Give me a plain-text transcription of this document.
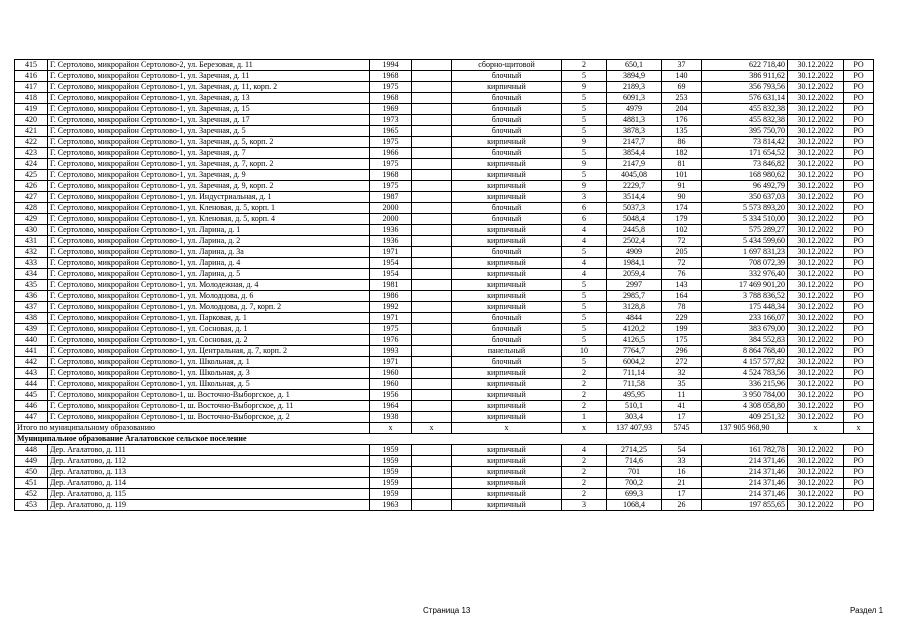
415	Г. Сертолово, микрорайон Сертолово-2, ул. Березовая, д. 11	1994		сборно-щитовой	2	650,1	37	622 718,40	30.12.2022	РО
416	Г. Сертолово, микрорайон Сертолово-1, ул. Заречная, д. 11	1968		блочный	5	3894,9	140	386 911,62	30.12.2022	РО
417	Г. Сертолово, микрорайон Сертолово-1, ул. Заречная, д. 11, корп. 2	1975		кирпичный	9	2189,3	69	356 793,56	30.12.2022	РО
418	Г. Сертолово, микрорайон Сертолово-1, ул. Заречная, д. 13	1968		блочный	5	6091,3	253	576 631,14	30.12.2022	РО
419	Г. Сертолово, микрорайон Сертолово-1, ул. Заречная, д. 15	1969		блочный	5	4979	204	455 832,38	30.12.2022	РО
420	Г. Сертолово, микрорайон Сертолово-1, ул. Заречная, д. 17	1973		блочный	5	4881,3	176	455 832,38	30.12.2022	РО
421	Г. Сертолово, микрорайон Сертолово-1, ул. Заречная, д. 5	1965		блочный	5	3878,3	135	395 750,70	30.12.2022	РО
422	Г. Сертолово, микрорайон Сертолово-1, ул. Заречная, д. 5, корп. 2	1975		кирпичный	9	2147,7	86	73 814,42	30.12.2022	РО
423	Г. Сертолово, микрорайон Сертолово-1, ул. Заречная, д. 7	1966		блочный	5	3854,4	182	171 654,52	30.12.2022	РО
424	Г. Сертолово, микрорайон Сертолово-1, ул. Заречная, д. 7, корп. 2	1975		кирпичный	9	2147,9	81	73 846,82	30.12.2022	РО
425	Г. Сертолово, микрорайон Сертолово-1, ул. Заречная, д. 9	1968		кирпичный	5	4045,08	101	168 980,62	30.12.2022	РО
426	Г. Сертолово, микрорайон Сертолово-1, ул. Заречная, д. 9, корп. 2	1975		кирпичный	9	2229,7	91	96 492,79	30.12.2022	РО
427	Г. Сертолово, микрорайон Сертолово-1, ул. Индустриальная, д. 1	1987		кирпичный	3	3514,4	90	350 637,03	30.12.2022	РО
428	Г. Сертолово, микрорайон Сертолово-1, ул. Кленовая, д. 5, корп. 1	2000		блочный	6	5037,3	174	5 573 893,20	30.12.2022	РО
429	Г. Сертолово, микрорайон Сертолово-1, ул. Кленовая, д. 5, корп. 4	2000		блочный	6	5048,4	179	5 334 510,00	30.12.2022	РО
430	Г. Сертолово, микрорайон Сертолово-1, ул. Ларина, д. 1	1936		кирпичный	4	2445,8	102	575 289,27	30.12.2022	РО
431	Г. Сертолово, микрорайон Сертолово-1, ул. Ларина, д. 2	1936		кирпичный	4	2502,4	72	5 434 599,60	30.12.2022	РО
432	Г. Сертолово, микрорайон Сертолово-1, ул. Ларина, д. 3а	1971		блочный	5	4909	205	1 697 831,23	30.12.2022	РО
433	Г. Сертолово, микрорайон Сертолово-1, ул. Ларина, д. 4	1954		кирпичный	4	1984,1	72	708 072,39	30.12.2022	РО
434	Г. Сертолово, микрорайон Сертолово-1, ул. Ларина, д. 5	1954		кирпичный	4	2059,4	76	332 976,40	30.12.2022	РО
435	Г. Сертолово, микрорайон Сертолово-1, ул. Молодежная, д. 4	1981		кирпичный	5	2997	143	17 469 901,20	30.12.2022	РО
436	Г. Сертолово, микрорайон Сертолово-1, ул. Молодцова, д. 6	1986		кирпичный	5	2985,7	164	3 788 836,52	30.12.2022	РО
437	Г. Сертолово, микрорайон Сертолово-1, ул. Молодцова, д. 7, корп. 2	1992		кирпичный	5	3128,8	78	175 448,34	30.12.2022	РО
438	Г. Сертолово, микрорайон Сертолово-1, ул. Парковая, д. 1	1971		блочный	5	4844	229	233 166,07	30.12.2022	РО
439	Г. Сертолово, микрорайон Сертолово-1, ул. Сосновая, д. 1	1975		блочный	5	4120,2	199	383 679,00	30.12.2022	РО
440	Г. Сертолово, микрорайон Сертолово-1, ул. Сосновая, д. 2	1976		блочный	5	4126,5	175	384 552,83	30.12.2022	РО
441	Г. Сертолово, микрорайон Сертолово-1, ул. Центральная, д. 7, корп. 2	1993		панельный	10	7764,7	296	8 864 768,40	30.12.2022	РО
442	Г. Сертолово, микрорайон Сертолово-1, ул. Школьная, д. 1	1971		блочный	5	6004,2	272	4 157 577,82	30.12.2022	РО
443	Г. Сертолово, микрорайон Сертолово-1, ул. Школьная, д. 3	1960		кирпичный	2	711,14	32	4 524 783,56	30.12.2022	РО
444	Г. Сертолово, микрорайон Сертолово-1, ул. Школьная, д. 5	1960		кирпичный	2	711,58	35	336 215,96	30.12.2022	РО
445	Г. Сертолово, микрорайон Сертолово-1, ш. Восточно-Выборгское, д. 1	1956		кирпичный	2	495,95	11	3 950 784,00	30.12.2022	РО
446	Г. Сертолово, микрорайон Сертолово-1, ш. Восточно-Выборгское, д. 11	1964		кирпичный	2	510,1	41	4 308 058,80	30.12.2022	РО
447	Г. Сертолово, микрорайон Сертолово-1, ш. Восточно-Выборгское, д. 2	1938		кирпичный	1	303,4	17	409 251,32	30.12.2022	РО
Итого по муниципальному образованию		x	x	x	x	137 407,93	5745	137 905 968,90	x	x
Муниципальное образование Агалатовское сельское поселение										
448	Дер. Агалатово, д. 111	1959		кирпичный	4	2714,25	54	161 782,78	30.12.2022	РО
449	Дер. Агалатово, д. 112	1959		кирпичный	2	714,6	33	214 371,46	30.12.2022	РО
450	Дер. Агалатово, д. 113	1959		кирпичный	2	701	16	214 371,46	30.12.2022	РО
451	Дер. Агалатово, д. 114	1959		кирпичный	2	700,2	21	214 371,46	30.12.2022	РО
452	Дер. Агалатово, д. 115	1959		кирпичный	2	699,3	17	214 371,46	30.12.2022	РО
453	Дер. Агалатово, д. 119	1963		кирпичный	3	1068,4	26	197 855,65	30.12.2022	РО
Страница 13	Раздел 1
